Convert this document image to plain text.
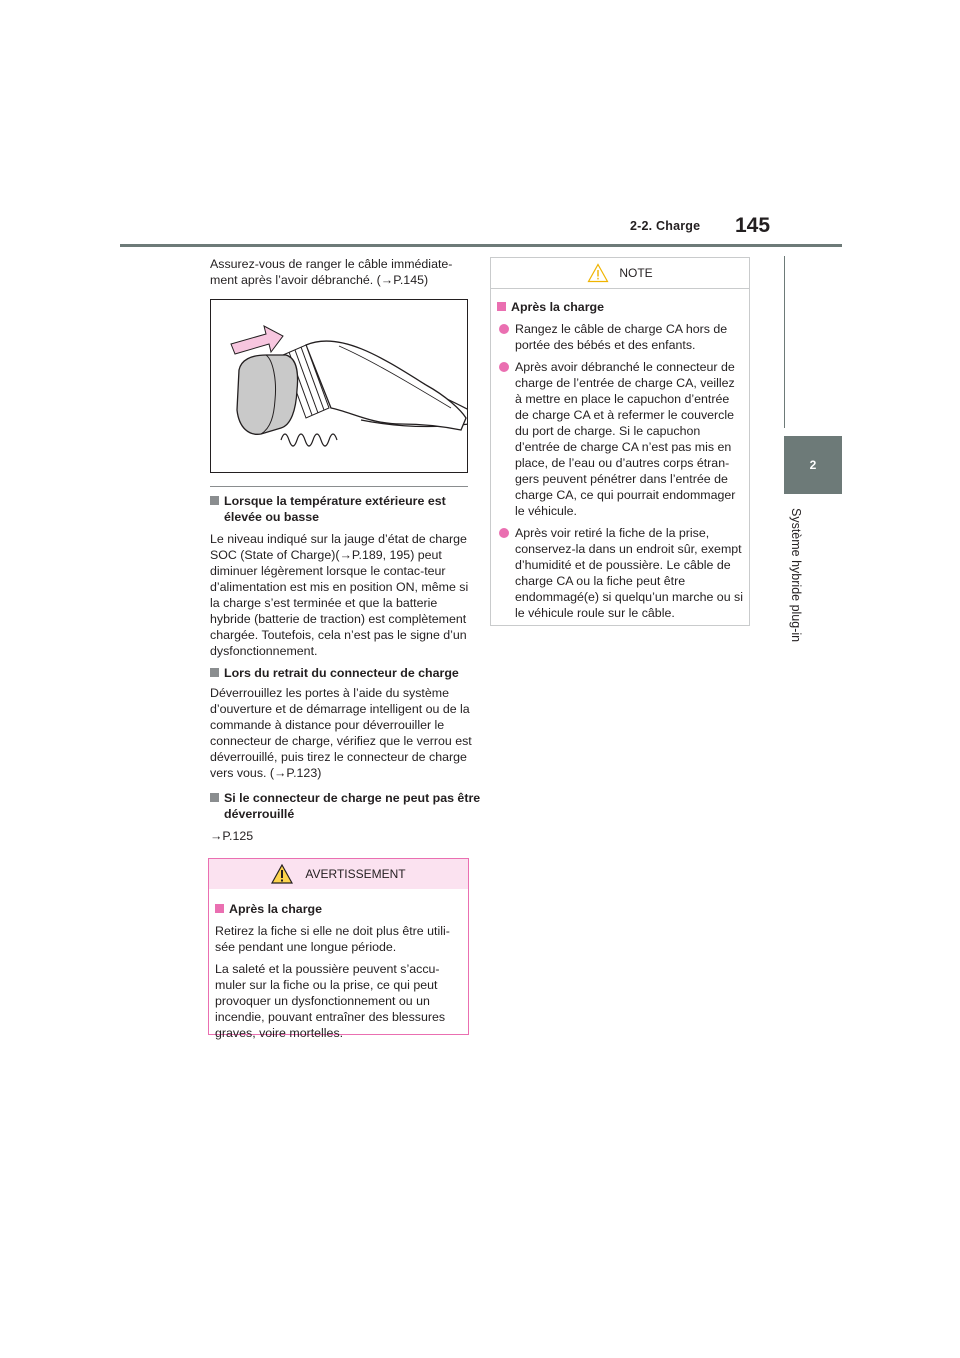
2-2. Charge 145
2
Système hybride plug-in
Assurez-vous de ranger le câble immédiate-ment après l’avoir débranché. (→P.145)
Lorsque la température extérieure est élevée ou basse
Le niveau indiqué sur la jauge d’état de charge SOC (State of Charge)(→P.189, 195) peut diminuer légèrement lorsque le contac-teur d’alimentation est mis en position ON, même si la charge s’est terminée et que la batterie hybride (batterie de traction) est complètement chargée. Toutefois, cela n’est pas le signe d’un dysfonctionnement.
Lors du retrait du connecteur de charge
Déverrouillez les portes à l’aide du système d’ouverture et de démarrage intelligent ou de la commande à distance pour déverrouiller le connecteur de charge, vérifiez que le verrou est déverrouillé, puis tirez le connecteur de charge vers vous. (→P.123)
Si le connecteur de charge ne peut pas être déverrouillé
→P.125
AVERTISSEMENT
Après la charge
Retirez la fiche si elle ne doit plus être utili-sée pendant une longue période.
La saleté et la poussière peuvent s’accu-muler sur la fiche ou la prise, ce qui peut provoquer un dysfonctionnement ou un incendie, pouvant entraîner des blessures graves, voire mortelles.
NOTE
Après la charge
Rangez le câble de charge CA hors de portée des bébés et des enfants.
Après avoir débranché le connecteur de charge de l’entrée de charge CA, veillez à mettre en place le capuchon d’entrée de charge CA et à refermer le couvercle du port de charge. Si le capuchon d’entrée de charge CA n’est pas mis en place, de l’eau ou d’autres corps étran-gers peuvent pénétrer dans l’entrée de charge CA, ce qui pourrait endommager le véhicule.
Après voir retiré la fiche de la prise, conservez-la dans un endroit sûr, exempt d’humidité et de poussière. Le câble de charge CA ou la fiche peut être endommagé(e) si quelqu’un marche ou si le véhicule roule sur le câble.
